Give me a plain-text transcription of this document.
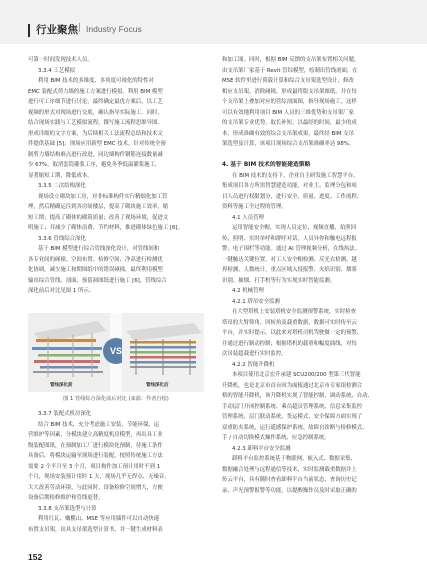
行业聚焦 | Industry Focus
可第一时间发现技术人员。
3.3.4 工艺模拟
利用 BIM 技术的多维度、多角度可视化的特性对
EMC 装配式剪力墙的施工方案进行模拟。利用 BIM 模型
进行可工序细节进行讨论，最终确定最优方案后，以工艺
视频的形式对现场进行交底，确认指导实际施工。同时，
结合现场实践与工艺模拟流程，撰写施工流程思维导图、
形成详细的文字方案，为后续相关工法流程总结和技术文
件提供基础 [5]。现场应用新型 EMC 技术，针对传统全预
制剪力墙结构难点进行改进，同边墙构件钢筋连接数量减
少 67%，取消套筒灌浆工序，避免冬季低温灌浆施工，
显著缩短工期，降低成本。
3.3.5 二次结构深化
现场设立砌块加工房，对非标准构件实行精细化加工管
理，然后精确运往到各房间楼层，提高了砌块施工效率，缩
短工期；提高了砌体的砌筑质量；改善了现场环境，促进文
明施工；并减少了砌体浪费，节约材料，推进砌体绿色施工 [6]。
3.3.6 管线综合深化
基于 BIM 模型进行综合管线深化设计，对管线间和
各专业间的碰撞、空间布置、检修空间、净高进行检测优
化协调，减少施工和期图纸中的错误碰撞，最终利用模型
输出综合管线、剖面、预留洞图纸进行施工 [6]。管线综合
深化前后对比见图 1 所示。
管线深化前
VS
管线深化后
图 1 管线综合深化前后对比 (来源：作者自绘)
3.3.7 装配式机房深化
结合 BIM 技术，充分考虑施工安装、节能环保、运
营维护等因素，分模块建立高精度机房模型，再出具工业
级装配图纸，在预制加工厂进行模块化预制，待施工条件
具备后，将模块运输至现场进行装配，按照传统施工方法
需要 2 个半月至 3 个月，项目构件加工预计用时不到 1
个月，现场安装预计用时 1 天，现场几乎无焊点、无噪音，
大大改善劳动环境，与此同时，设备检修空间增大，方便
设备后期检修维护和管线更替。
3.3.8 支吊架选型与计算
利用红瓦、橄榄山、MSE 等应用插件可以自动快速
布置支吊架，出具支吊架选型计算书，并一键生成材料表
和加工图。同时，根据 BIM 反馈的支吊架布置相关问题，
由支吊架厂家基于 Revit 管综模型，绘制出管线剖面，在
MSE 软件里进行荷载计算和综合支吊架选型设计，修改
相应支吊架，消除碰撞，形成最终版支吊架图纸，并在每
个支吊架上叠加对应的管综剖面图，指导现场施工。这样
可以有效地利用项目 BIM 人员的三维优势和支吊架厂家
的支吊架专业优势，取长补短，以最经的时间，最少的成
本，形成准确有效的综合支吊架成果。最终经 BIM 支吊
架选型及计算，该项目现场综合支吊架准确率达 98%。
4. 基于 BIM 技术的智能建造策略
在 BIM 技术的支持下，企业自主研发施工智慧平台，
集成项目各方所需智慧建造功能，对业主、监理分包和项
目人员进行权限划分，进行安全、质量、进度、工作流程、
资料等施工全过程的管理。
4.1 人员管理
运用智能安全帽，实现人员定位、视频直播、拍照回
传、照明、实时单呼和群呼对话，人员异你和触电远程报
警、电子围栏等功能。通过 AI 管理视频分析，在线执法、
一键触达关键位置，对工人安全帽检测、反光衣检测、越
界检测、人数统计，重点区域入侵报警、火焰识别、烟雾
识别、抽烟、打手机等行为实现实时智能监测。
4.2 机械管理
4.2.1 塔吊安全监测
在大型塔机上安装塔机安全监测预警系统，实时检查
塔吊的大臂仰角、回转角及载重数据，数据可实时传至云
平台，并实时提示，以此来对塔机司机驾驶做一定的预警、
并通过进行制动控制；根据塔机的载重和幅度曲线，对每
次吊装超载进行实时监控。
4.2.2 智能升降机
本项目使用北京宏升承建 SCU200/200 型第三代智能
升降机，也是北京市首台因为面板通过北京市专家组检测合
格的智能升降机，该升降机实现了智能控制、调动系统、自动、
手动层门开闭控制系统、乘员超员管理系统、信息采集监控
管理系统、层门联动系统、货运模式、安全保障方面实现了
双重防夹系统、运行遥感保护系统、故障自诊断与检修模式、
手 / 自动切换模式操作系统、应急控制系统。
4.2.3 卸料平台安全监测
卸料平台监控系统基于物联网、嵌入式、数据采集、
数据融合处理与远程通信等技术，实时监测载重数据并上
传云平台，具有随时查看卸料平台当前状态、查询历史记
录、声光预警报警等功能，以提醒操作员及时采取正确的
152
